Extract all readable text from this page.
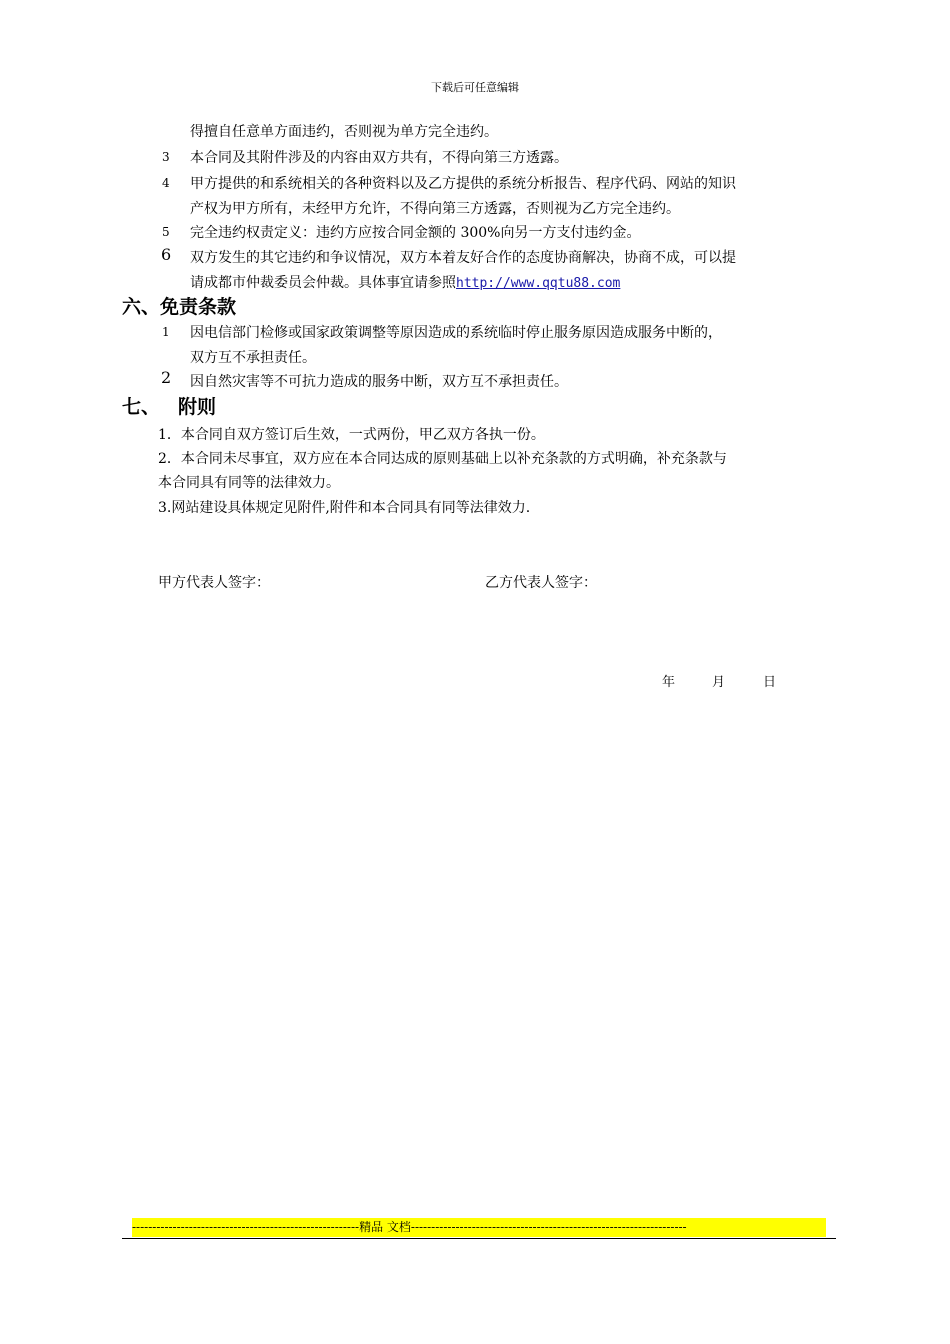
下载后可任意编辑
得擅自任意单方面违约，否则视为单方完全违约。
3 本合同及其附件涉及的内容由双方共有，不得向第三方透露。
4 甲方提供的和系统相关的各种资料以及乙方提供的系统分析报告、程序代码、网站的知识
产权为甲方所有，未经甲方允许，不得向第三方透露，否则视为乙方完全违约。
5 完全违约权责定义：违约方应按合同金额的 300%向另一方支付违约金。
6 双方发生的其它违约和争议情况，双方本着友好合作的态度协商解决，协商不成，可以提
请成都市仲裁委员会仲裁。具体事宜请参照http://www.qqtu88.com
六、免责条款
1 因电信部门检修或国家政策调整等原因造成的系统临时停止服务原因造成服务中断的，
双方互不承担责任。
2 因自然灾害等不可抗力造成的服务中断，双方互不承担责任。
七、 附则
1．本合同自双方签订后生效，一式两份，甲乙双方各执一份。
2．本合同未尽事宜，双方应在本合同达成的原则基础上以补充条款的方式明确，补充条款与
本合同具有同等的法律效力。
3.网站建设具体规定见附件,附件和本合同具有同等法律效力.
甲方代表人签字：	乙方代表人签字：
年	月	日
--------------------------------------------------------精品 文档--------------------------------------------------------------------
